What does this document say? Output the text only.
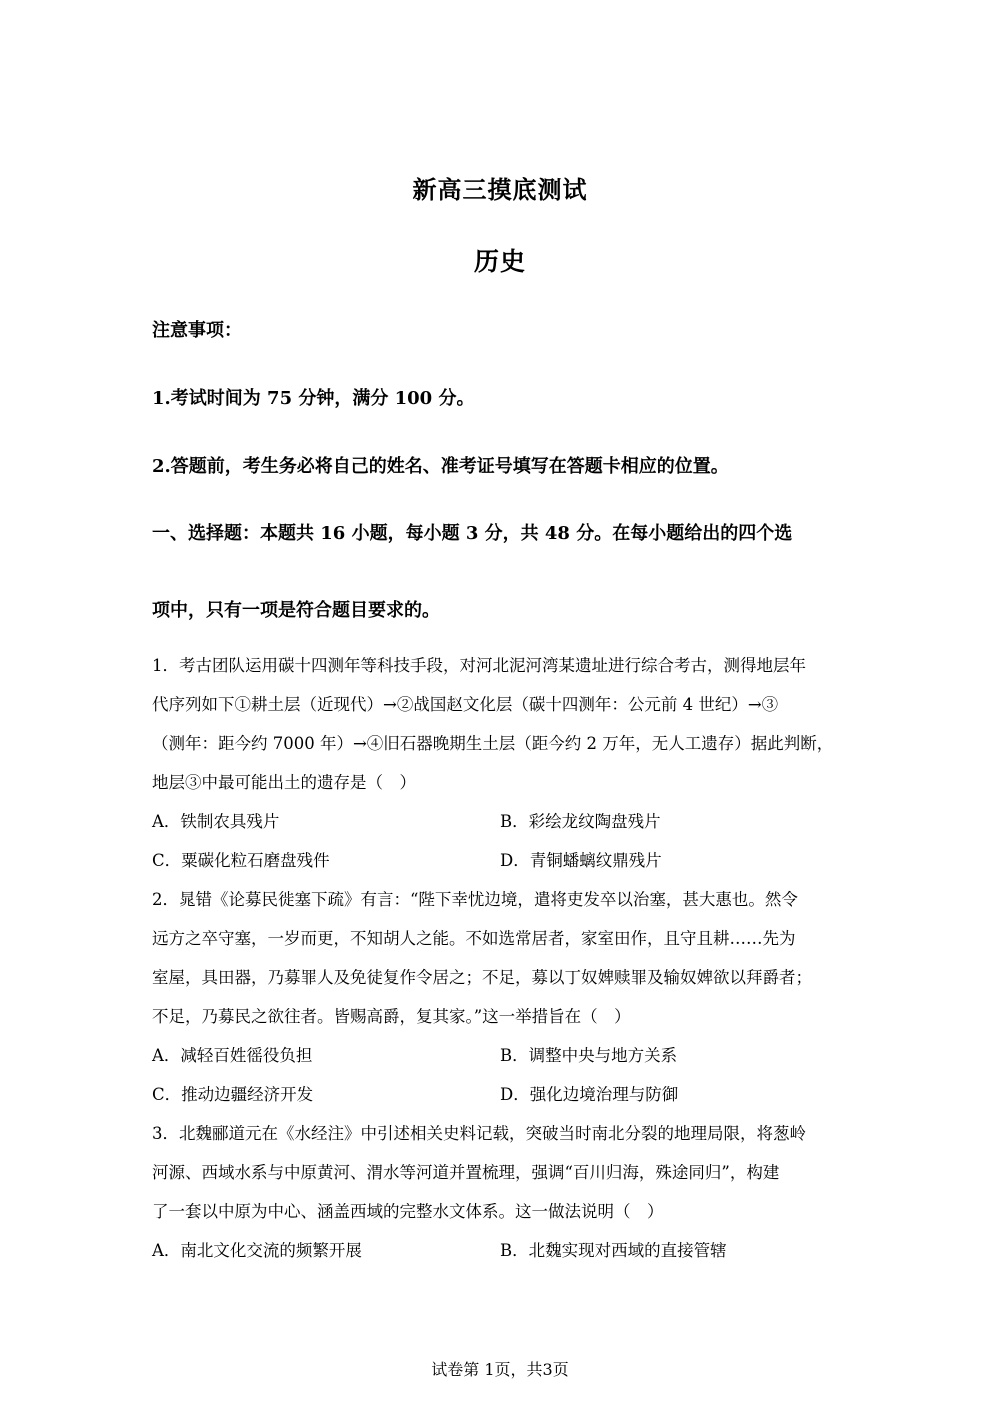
新高三摸底测试
历史
注意事项：
1.考试时间为 75 分钟，满分 100 分。
2.答题前，考生务必将自己的姓名、准考证号填写在答题卡相应的位置。
一、选择题：本题共 16 小题，每小题 3 分，共 48 分。在每小题给出的四个选
项中，只有一项是符合题目要求的。
1．考古团队运用碳十四测年等科技手段，对河北泥河湾某遗址进行综合考古，测得地层年
代序列如下①耕土层（近现代）→②战国赵文化层（碳十四测年：公元前 4 世纪）→③
（测年：距今约 7000 年）→④旧石器晚期生土层（距今约 2 万年，无人工遗存）据此判断，
地层③中最可能出土的遗存是（　）
A．铁制农具残片	B．彩绘龙纹陶盘残片
C．粟碳化粒石磨盘残件	D．青铜蟠螭纹鼎残片
2．晁错《论募民徙塞下疏》有言：“陛下幸忧边境，遣将吏发卒以治塞，甚大惠也。然令
远方之卒守塞，一岁而更，不知胡人之能。不如选常居者，家室田作，且守且耕……先为
室屋，具田器，乃募罪人及免徒复作令居之；不足，募以丁奴婢赎罪及输奴婢欲以拜爵者；
不足，乃募民之欲往者。皆赐高爵，复其家。”这一举措旨在（　）
A．减轻百姓徭役负担	B．调整中央与地方关系
C．推动边疆经济开发	D．强化边境治理与防御
3．北魏郦道元在《水经注》中引述相关史料记载，突破当时南北分裂的地理局限，将葱岭
河源、西域水系与中原黄河、渭水等河道并置梳理，强调“百川归海，殊途同归”，构建
了一套以中原为中心、涵盖西域的完整水文体系。这一做法说明（　）
A．南北文化交流的频繁开展	B．北魏实现对西域的直接管辖
试卷第 1页，共3页
